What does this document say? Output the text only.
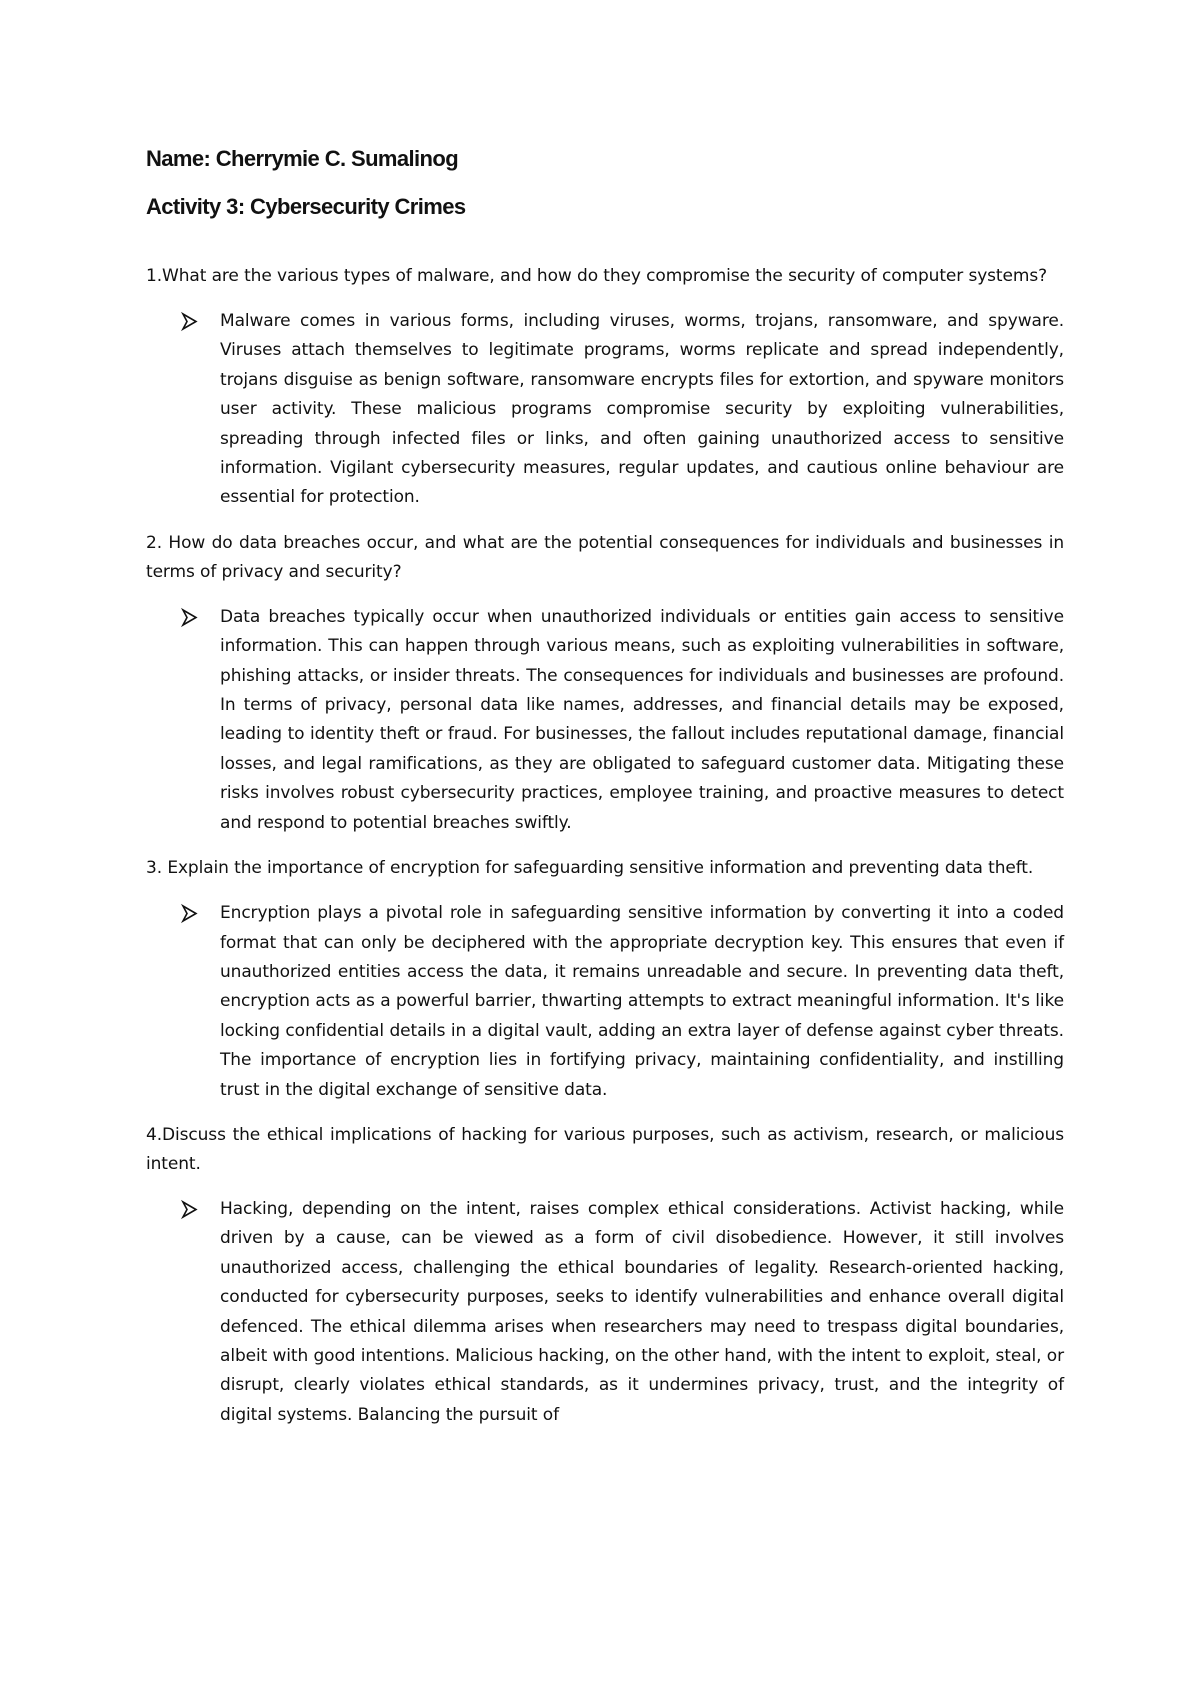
Name: Cherrymie C. Sumalinog

Activity 3: Cybersecurity Crimes

1.What are the various types of malware, and how do they compromise the security of computer systems?

Malware comes in various forms, including viruses, worms, trojans, ransomware, and spyware. Viruses attach themselves to legitimate programs, worms replicate and spread independently, trojans disguise as benign software, ransomware encrypts files for extortion, and spyware monitors user activity. These malicious programs compromise security by exploiting vulnerabilities, spreading through infected files or links, and often gaining unauthorized access to sensitive information. Vigilant cybersecurity measures, regular updates, and cautious online behaviour are essential for protection.

2. How do data breaches occur, and what are the potential consequences for individuals and businesses in terms of privacy and security?

Data breaches typically occur when unauthorized individuals or entities gain access to sensitive information. This can happen through various means, such as exploiting vulnerabilities in software, phishing attacks, or insider threats. The consequences for individuals and businesses are profound. In terms of privacy, personal data like names, addresses, and financial details may be exposed, leading to identity theft or fraud. For businesses, the fallout includes reputational damage, financial losses, and legal ramifications, as they are obligated to safeguard customer data. Mitigating these risks involves robust cybersecurity practices, employee training, and proactive measures to detect and respond to potential breaches swiftly.

3. Explain the importance of encryption for safeguarding sensitive information and preventing data theft.

Encryption plays a pivotal role in safeguarding sensitive information by converting it into a coded format that can only be deciphered with the appropriate decryption key. This ensures that even if unauthorized entities access the data, it remains unreadable and secure. In preventing data theft, encryption acts as a powerful barrier, thwarting attempts to extract meaningful information. It's like locking confidential details in a digital vault, adding an extra layer of defense against cyber threats. The importance of encryption lies in fortifying privacy, maintaining confidentiality, and instilling trust in the digital exchange of sensitive data.

4.Discuss the ethical implications of hacking for various purposes, such as activism, research, or malicious intent.

Hacking, depending on the intent, raises complex ethical considerations. Activist hacking, while driven by a cause, can be viewed as a form of civil disobedience. However, it still involves unauthorized access, challenging the ethical boundaries of legality. Research-oriented hacking, conducted for cybersecurity purposes, seeks to identify vulnerabilities and enhance overall digital defenced. The ethical dilemma arises when researchers may need to trespass digital boundaries, albeit with good intentions. Malicious hacking, on the other hand, with the intent to exploit, steal, or disrupt, clearly violates ethical standards, as it undermines privacy, trust, and the integrity of digital systems. Balancing the pursuit of
